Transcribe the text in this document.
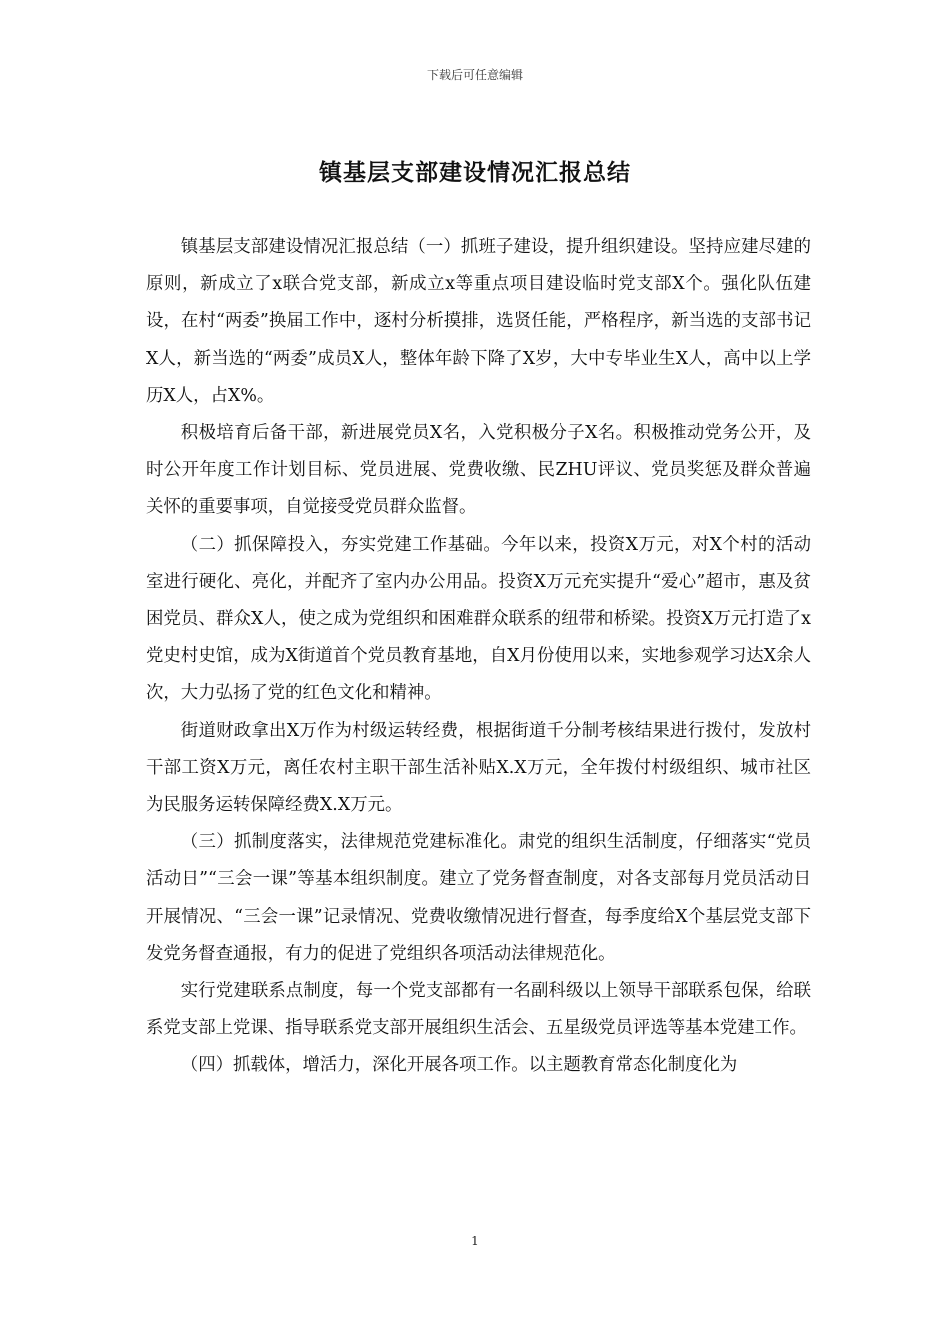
下载后可任意编辑
镇基层支部建设情况汇报总结

镇基层支部建设情况汇报总结（一）抓班子建设，提升组织建设。坚持应建尽建的原则，新成立了x联合党支部，新成立x等重点项目建设临时党支部X个。强化队伍建设，在村“两委”换届工作中，逐村分析摸排，选贤任能，严格程序，新当选的支部书记X人，新当选的“两委”成员X人，整体年龄下降了X岁，大中专毕业生X人，高中以上学历X人，占X%。

积极培育后备干部，新进展党员X名，入党积极分子X名。积极推动党务公开，及时公开年度工作计划目标、党员进展、党费收缴、民ZHU评议、党员奖惩及群众普遍关怀的重要事项，自觉接受党员群众监督。

（二）抓保障投入，夯实党建工作基础。今年以来，投资X万元，对X个村的活动室进行硬化、亮化，并配齐了室内办公用品。投资X万元充实提升“爱心”超市，惠及贫困党员、群众X人，使之成为党组织和困难群众联系的纽带和桥梁。投资X万元打造了x党史村史馆，成为X街道首个党员教育基地，自X月份使用以来，实地参观学习达X余人次，大力弘扬了党的红色文化和精神。

街道财政拿出X万作为村级运转经费，根据街道千分制考核结果进行拨付，发放村干部工资X万元，离任农村主职干部生活补贴X.X万元，全年拨付村级组织、城市社区为民服务运转保障经费X.X万元。

（三）抓制度落实，法律规范党建标准化。肃党的组织生活制度，仔细落实“党员活动日”“三会一课”等基本组织制度。建立了党务督查制度，对各支部每月党员活动日开展情况、“三会一课”记录情况、党费收缴情况进行督查，每季度给X个基层党支部下发党务督查通报，有力的促进了党组织各项活动法律规范化。

实行党建联系点制度，每一个党支部都有一名副科级以上领导干部联系包保，给联系党支部上党课、指导联系党支部开展组织生活会、五星级党员评选等基本党建工作。

（四）抓载体，增活力，深化开展各项工作。以主题教育常态化制度化为

1
